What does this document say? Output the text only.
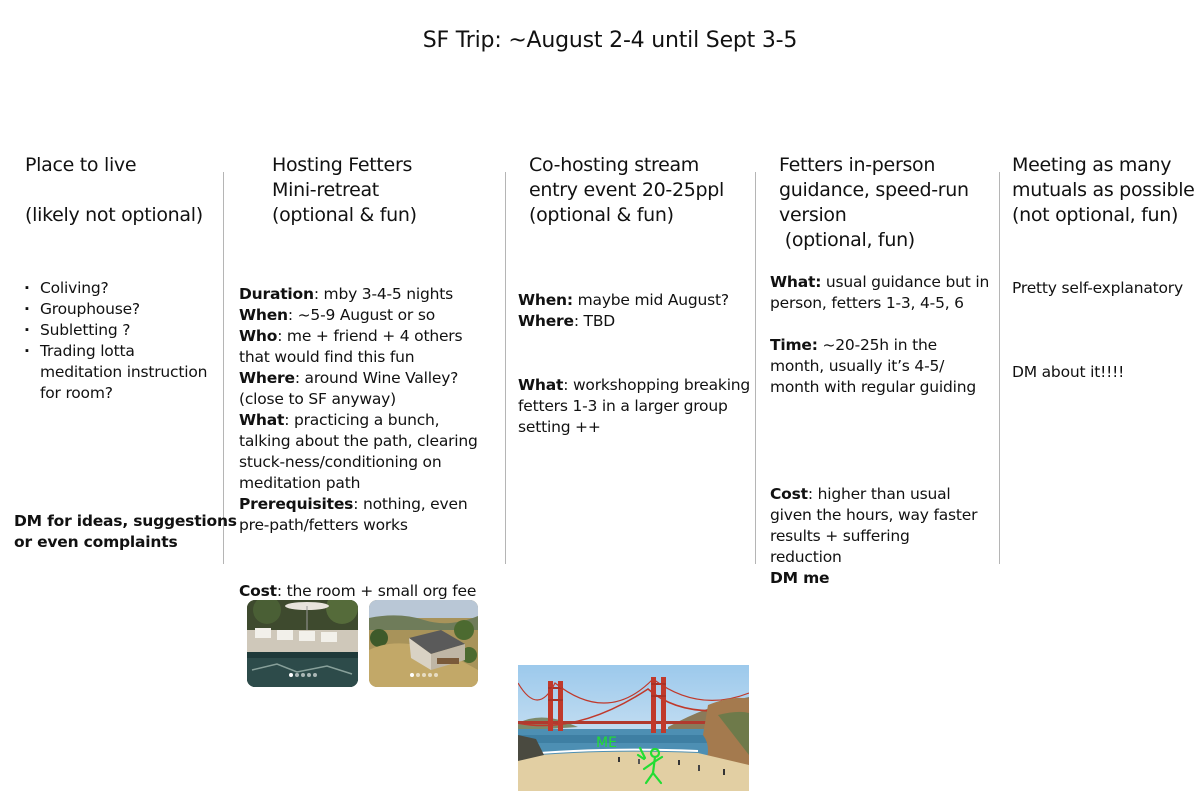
SF Trip: ~August 2-4 until Sept 3-5
Place to live
(likely not optional)
· Coliving?
· Grouphouse?
· Subletting ?
· Trading lotta
meditation instruction
for room?
DM for ideas, suggestions
or even complaints
Hosting Fetters
Mini-retreat
(optional & fun)
Duration: mby 3-4-5 nights
When: ~5-9 August or so
Who: me + friend + 4 others
that would find this fun
Where: around Wine Valley?
(close to SF anyway)
What: practicing a bunch,
talking about the path, clearing
stuck-ness/conditioning on
meditation path
Prerequisites: nothing, even
pre-path/fetters works
Cost: the room + small org fee
Co-hosting stream
entry event 20-25ppl
(optional & fun)
When: maybe mid August?
Where: TBD
What: workshopping breaking
fetters 1-3 in a larger group
setting ++
ME
Fetters in-person
guidance, speed-run
version
(optional, fun)
What: usual guidance but in
person, fetters 1-3, 4-5, 6
Time: ~20-25h in the
month, usually it’s 4-5/
month with regular guiding
Cost: higher than usual
given the hours, way faster
results + suffering
reduction
DM me
Meeting as many
mutuals as possible
(not optional, fun)
Pretty self-explanatory
DM about it!!!!
